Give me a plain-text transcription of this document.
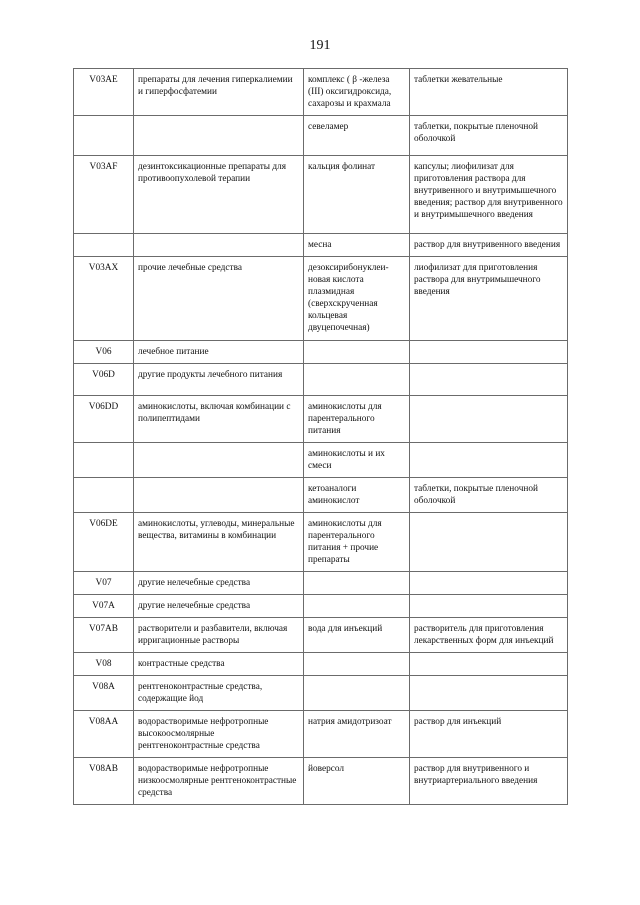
191
V03AE	препараты для лечения гиперкалиемии и гиперфосфатемии	комплекс ( β -железа (III) оксигидроксида, сахарозы и крахмала	таблетки жевательные
		севеламер	таблетки, покрытые пленочной оболочкой
V03AF	дезинтоксикационные препараты для противоопухолевой терапии	кальция фолинат	капсулы; лиофилизат для приготовления раствора для внутривенного и внутримышечного введения; раствор для внутривенного и внутримышечного введения
		месна	раствор для внутривенного введения
V03AX	прочие лечебные средства	дезоксирибонуклеи-новая кислота плазмидная (сверхскрученная кольцевая двуцепочечная)	лиофилизат для приготовления раствора для внутримышечного введения
V06	лечебное питание		
V06D	другие продукты лечебного питания		
V06DD	аминокислоты, включая комбинации с полипептидами	аминокислоты для парентерального питания	
		аминокислоты и их смеси	
		кетоаналоги аминокислот	таблетки, покрытые пленочной оболочкой
V06DE	аминокислоты, углеводы, минеральные вещества, витамины в комбинации	аминокислоты для парентерального питания + прочие препараты	
V07	другие нелечебные средства		
V07A	другие нелечебные средства		
V07AB	растворители и разбавители, включая ирригационные растворы	вода для инъекций	растворитель для приготовления лекарственных форм для инъекций
V08	контрастные средства		
V08A	рентгеноконтрастные средства, содержащие йод		
V08AA	водорастворимые нефротропные высокоосмолярные рентгеноконтрастные средства	натрия амидотризоат	раствор для инъекций
V08AB	водорастворимые нефротропные низкоосмолярные рентгеноконтрастные средства	йоверсол	раствор для внутривенного и внутриартериального введения
